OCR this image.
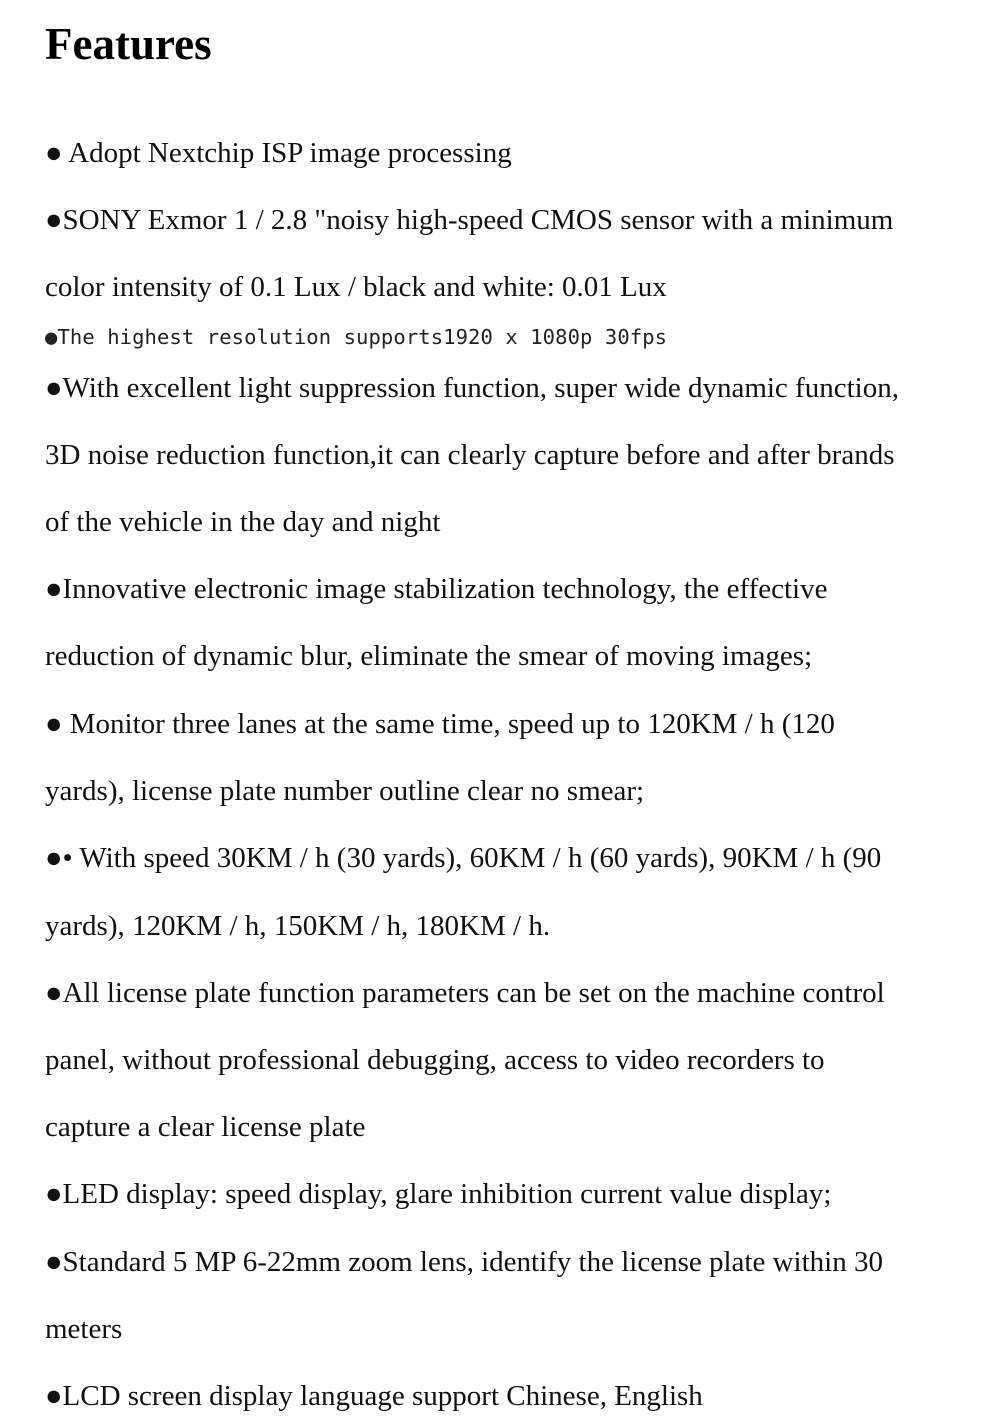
Features

● Adopt Nextchip ISP image processing

●SONY Exmor 1 / 2.8 "noisy high-speed CMOS sensor with a minimum

color intensity of 0.1 Lux / black and white: 0.01 Lux

●The highest resolution supports1920 x 1080p 30fps

●With excellent light suppression function, super wide dynamic function,

3D noise reduction function,it can clearly capture before and after brands

of the vehicle in the day and night

●Innovative electronic image stabilization technology, the effective

reduction of dynamic blur, eliminate the smear of moving images;

● Monitor three lanes at the same time, speed up to 120KM / h (120

yards), license plate number outline clear no smear;

●• With speed 30KM / h (30 yards), 60KM / h (60 yards), 90KM / h (90

yards), 120KM / h, 150KM / h, 180KM / h.

●All license plate function parameters can be set on the machine control

panel, without professional debugging, access to video recorders to

capture a clear license plate

●LED display: speed display, glare inhibition current value display;

●Standard 5 MP 6-22mm zoom lens, identify the license plate within 30

meters

●LCD screen display language support Chinese, English
